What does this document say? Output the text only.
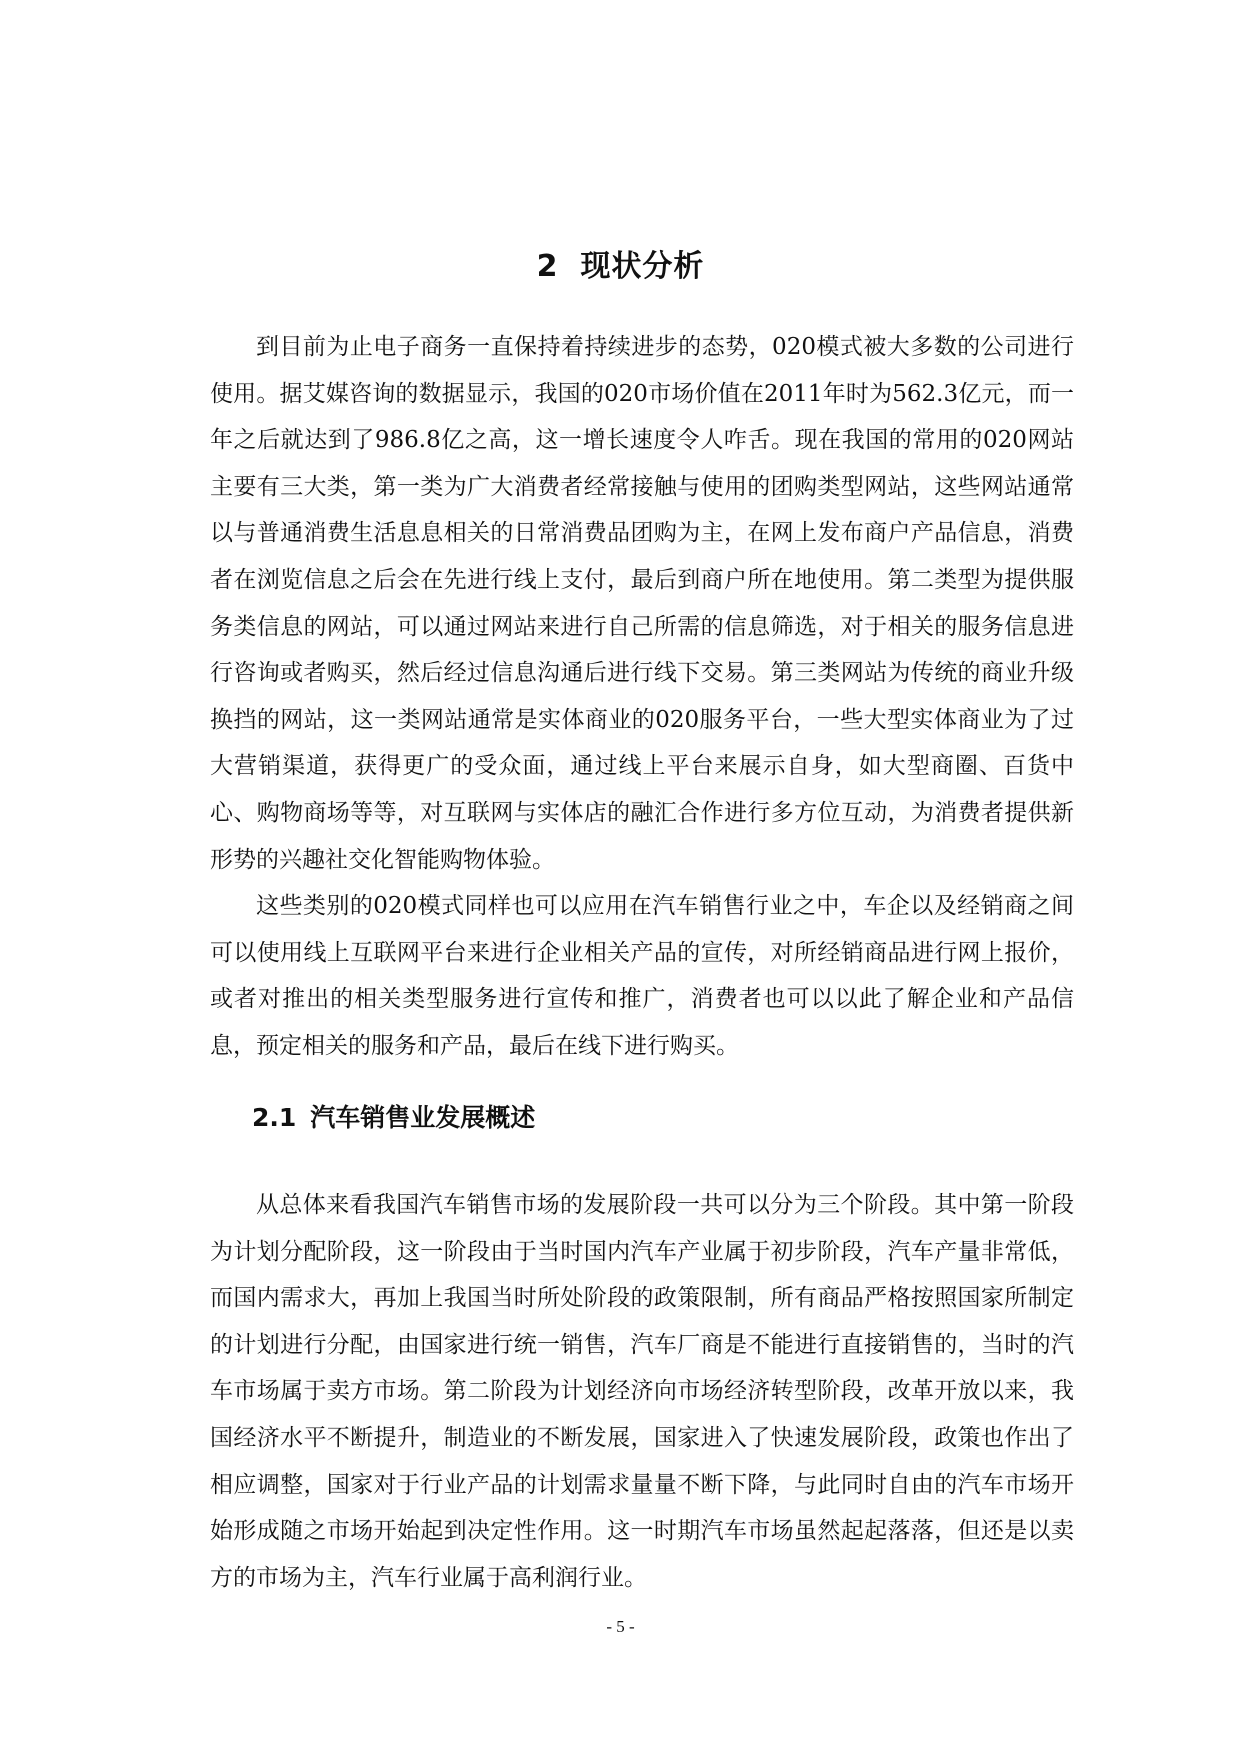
2 现状分析

到目前为止电子商务一直保持着持续进步的态势，020模式被大多数的公司进行使用。据艾媒咨询的数据显示，我国的020市场价值在2011年时为562.3亿元，而一年之后就达到了986.8亿之高，这一增长速度令人咋舌。现在我国的常用的020网站主要有三大类，第一类为广大消费者经常接触与使用的团购类型网站，这些网站通常以与普通消费生活息息相关的日常消费品团购为主，在网上发布商户产品信息，消费者在浏览信息之后会在先进行线上支付，最后到商户所在地使用。第二类型为提供服务类信息的网站，可以通过网站来进行自己所需的信息筛选，对于相关的服务信息进行咨询或者购买，然后经过信息沟通后进行线下交易。第三类网站为传统的商业升级换挡的网站，这一类网站通常是实体商业的020服务平台，一些大型实体商业为了过大营销渠道，获得更广的受众面，通过线上平台来展示自身，如大型商圈、百货中心、购物商场等等，对互联网与实体店的融汇合作进行多方位互动，为消费者提供新形势的兴趣社交化智能购物体验。

这些类别的020模式同样也可以应用在汽车销售行业之中，车企以及经销商之间可以使用线上互联网平台来进行企业相关产品的宣传，对所经销商品进行网上报价，或者对推出的相关类型服务进行宣传和推广，消费者也可以以此了解企业和产品信息，预定相关的服务和产品，最后在线下进行购买。

2.1 汽车销售业发展概述

从总体来看我国汽车销售市场的发展阶段一共可以分为三个阶段。其中第一阶段为计划分配阶段，这一阶段由于当时国内汽车产业属于初步阶段，汽车产量非常低，而国内需求大，再加上我国当时所处阶段的政策限制，所有商品严格按照国家所制定的计划进行分配，由国家进行统一销售，汽车厂商是不能进行直接销售的，当时的汽车市场属于卖方市场。第二阶段为计划经济向市场经济转型阶段，改革开放以来，我国经济水平不断提升，制造业的不断发展，国家进入了快速发展阶段，政策也作出了相应调整，国家对于行业产品的计划需求量量不断下降，与此同时自由的汽车市场开始形成随之市场开始起到决定性作用。这一时期汽车市场虽然起起落落，但还是以卖方的市场为主，汽车行业属于高利润行业。

- 5 -
